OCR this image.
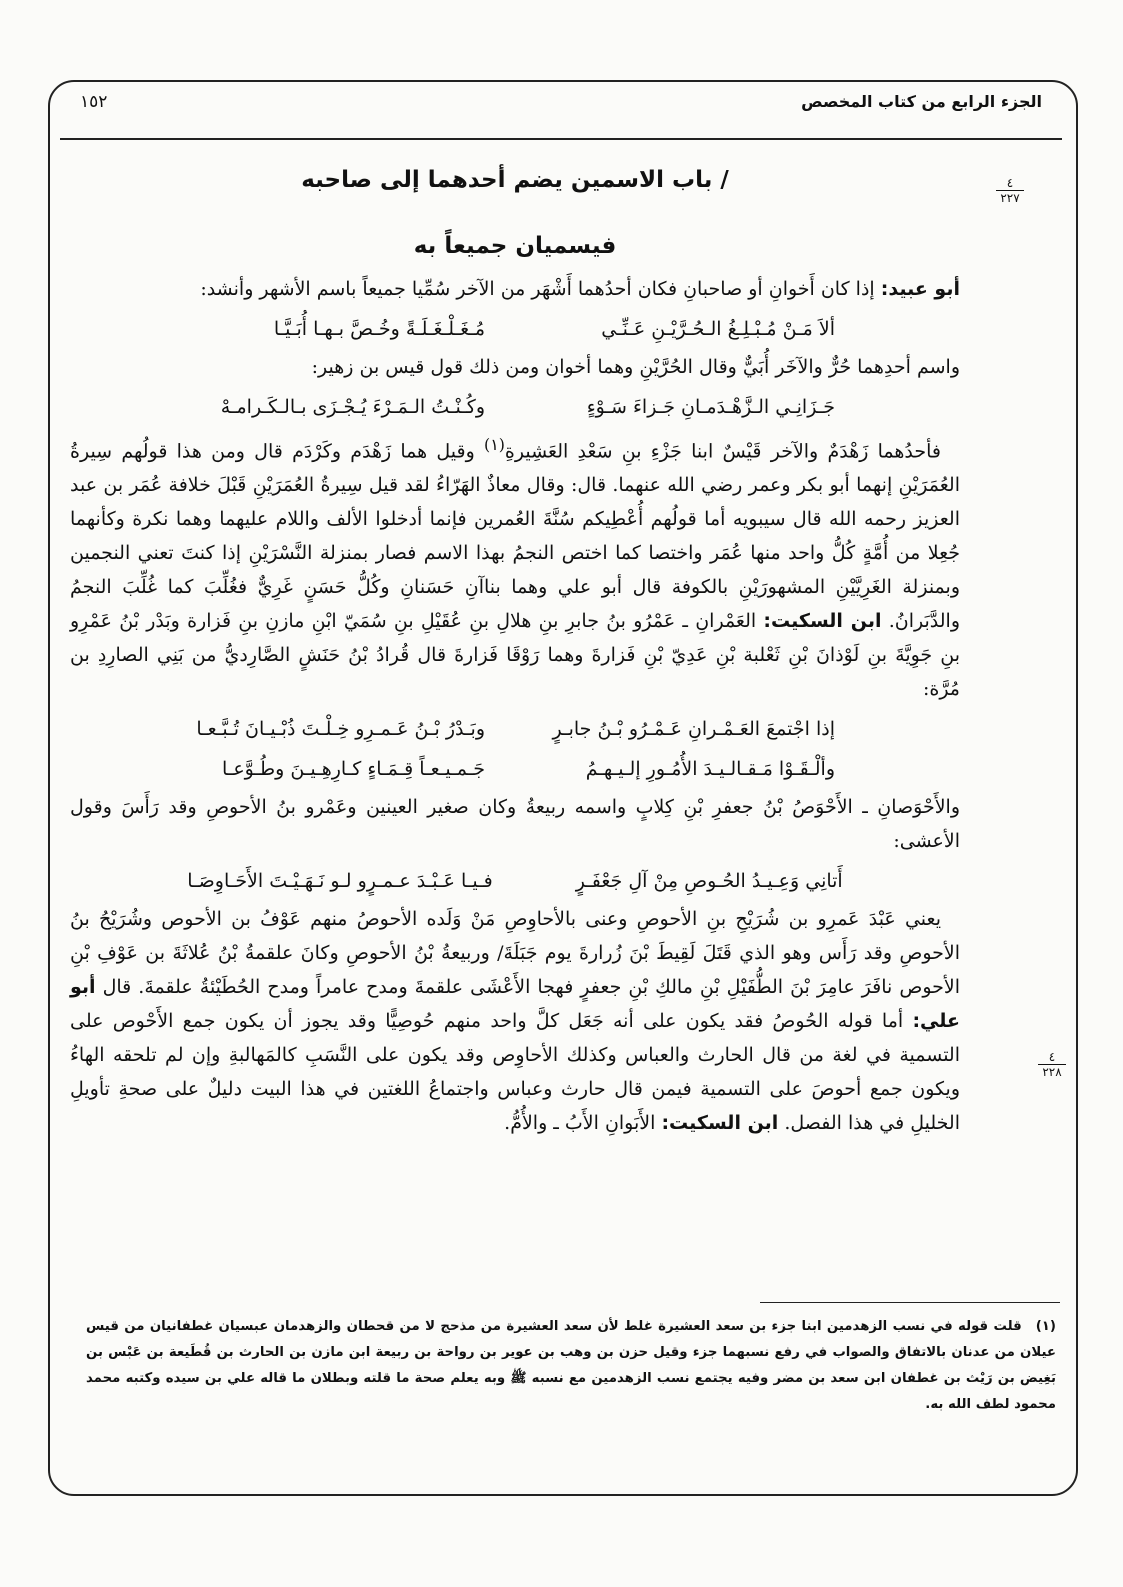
الجزء الرابع من كتاب المخصص
١٥٢
٤
٢٢٧
٤
٢٢٨
/ باب الاسمين يضم أحدهما إلى صاحبه
فيسميان جميعاً به

أبو عبيد: إذا كان أَخوانِ أو صاحبانِ فكان أحدُهما أَشْهَر من الآخر سُمِّيا جميعاً باسم الأشهر وأنشد:

ألاَ مَـنْ مُـبْـلِـغُ الـحُـرَّيْـنِ عَـنِّـي
مُـغَـلْـغَـلَـةً وخُـصَّ بـهـا أُبَـيَّـا

واسم أحدِهما حُرٌّ والآخَر أُبَيٌّ وقال الحُرَّيْنِ وهما أخوان ومن ذلك قول قيس بن زهير:

جَـزَانِـي الـزَّهْـدَمـانِ جَـزاءَ سَـوْءٍ
وكُـنْـتُ الـمَـرْءَ يُـجْـزَى بـالـكَـرامـهْ

 فأحدُهما زَهْدَمٌ والآخر قَيْسٌ ابنا جَزْءِ بنِ سَعْدِ العَشِيرةِ$^{(١)}$ وقيل هما زَهْدَم وكَرْدَم قال ومن هذا قولُهم سِيرةُ العُمَرَيْنِ إنهما أبو بكر وعمر رضي الله عنهما. قال: وقال معاذٌ الهَرّاءُ لقد قيل سِيرةُ العُمَرَيْنِ قَبْلَ خلافة عُمَر بن عبد العزيز رحمه الله قال سيبويه أما قولُهم أُعْطِيكم سُنَّةَ العُمرين فإنما أدخلوا الألف واللام عليهما وهما نكرة وكأنهما جُعِلا من أُمَّةٍ كُلُّ واحد منها عُمَر واختصا كما اختص النجمُ بهذا الاسم فصار بمنزلة النَّسْرَيْنِ إذا كنتَ تعني النجمين وبمنزلة الغَرِيَّيْنِ المشهورَيْنِ بالكوفة قال أبو علي وهما بناآنِ حَسَنانِ وكُلُّ حَسَنٍ غَرِيٌّ فغُلِّبَ كما غُلِّبَ النجمُ والدَّبَرانُ. ابن السكيت: العَمْرانِ ـ عَمْرُو بنُ جابرِ بنِ هلالِ بنِ عُقَيْلِ بنِ سُمَيّ ابْنِ مازنِ بنِ فَزارة وبَدْر بْنُ عَمْرِو بنِ جَوِيَّةَ بنِ لَوْذانَ بْنِ ثَعْلبة بْنِ عَدِيّ بْنِ فَزارةَ وهما رَوْقَا فَزارةَ قال قُرادُ بْنُ حَنَشٍ الصَّارِديُّ من بَنِي الصارِدِ بن مُرَّة:

إذا اجْتمعَ العَـمْـرانِ عَـمْـرُو بْـنُ جابـرٍ
وبَـدْرُ بْـنُ عَـمـرِو خِـلْـتَ ذُبْـيـانَ تُـبَّـعـا
وألْـقَـوْا مَـقـالـيـدَ الأُمُـورِ إلـيـهـمُ
جَـمـيـعـاً قِـمَـاءٍ كـارِهِـيـنَ وطُـوَّعـا

والأَحْوَصانِ ـ الأَحْوَصُ بْنُ جعفرِ بْنِ كِلابٍ واسمه ربيعةُ وكان صغير العينين وعَمْرو بنُ الأحوصِ وقد رَأَسَ وقول الأعشى:

أَتانِي وَعِـيـدُ الحُـوصِ مِنْ آلِ جَعْفَـرٍ
فـيـا عَـبْـدَ عـمـرٍو لـو نَـهَـيْـتَ الأَحَـاوِصَـا

 يعني عَبْدَ عَمرِو بن شُرَيْحِ بنِ الأحوصِ وعنى بالأحاوِصِ مَنْ وَلَده الأحوصُ منهم عَوْفُ بن الأحوص وشُرَيْحُ بنُ الأحوصِ وقد رَأَس وهو الذي قَتَلَ لَقِيطَ بْنَ زُرارةَ يوم جَبَلَةَ/ وربيعةُ بْنُ الأحوصِ وكانَ علقمةُ بْنُ عُلاثَةَ بن عَوْفِ بْنِ الأحوص نافَرَ عامِرَ بْنَ الطُّفَيْلِ بْنِ مالكِ بْنِ جعفرٍ فهجا الأَعْشَى علقمةَ ومدح عامراً ومدح الحُطَيْئةُ علقمةَ. قال أبو علي: أما قوله الحُوصُ فقد يكون على أنه جَعَل كلَّ واحد منهم حُوصِيًّا وقد يجوز أن يكون جمع الأَحْوص على التسمية في لغة من قال الحارث والعباس وكذلك الأحاوِص وقد يكون على النَّسَبِ كالمَهالبةِ وإن لم تلحقه الهاءُ ويكون جمع أحوصَ على التسمية فيمن قال حارث وعباس واجتماعُ اللغتين في هذا البيت دليلٌ على صحةِ تأويلِ الخليلِ في هذا الفصل. ابن السكيت: الأَبَوانِ الأَبُ ـ والأُمُّ.

(١)قلت قوله في نسب الزهدمين ابنا جزء بن سعد العشيرة غلط لأن سعد العشيرة من مذحج لا من قحطان والزهدمان عبسيان غطفانيان من قيس عيلان من عدنان بالاتفاق والصواب في رفع نسبهما جزء وقيل حزن بن وهب بن عوير بن رواحة بن ربيعة ابن مازن بن الحارث بن قُطَيعة بن عَبْس بن بَغِيض بن رَيْث بن غطفان ابن سعد بن مضر وفيه يجتمع نسب الزهدمين مع نسبه ﷺ وبه يعلم صحة ما قلته وبطلان ما قاله علي بن سيده وكتبه محمد محمود لطف الله به.
